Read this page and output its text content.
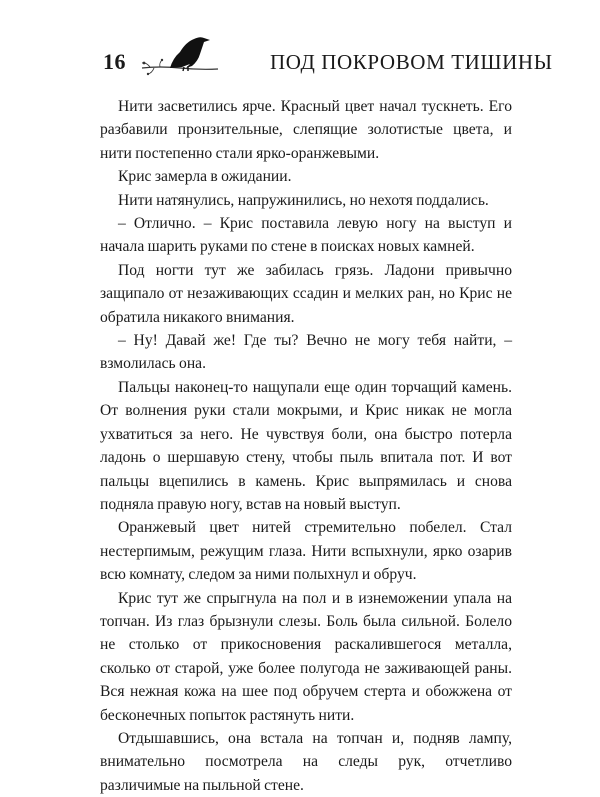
16	ПОД ПОКРОВОМ ТИШИНЫ

Нити засветились ярче. Красный цвет начал тускнеть. Его разбавили пронзительные, слепящие золотистые цвета, и нити постепенно стали ярко-оранжевыми.

Крис замерла в ожидании.

Нити натянулись, напружинились, но нехотя поддались.

– Отлично. – Крис поставила левую ногу на выступ и начала шарить руками по стене в поисках новых камней.

Под ногти тут же забилась грязь. Ладони привычно защипало от незаживающих ссадин и мелких ран, но Крис не обратила никакого внимания.

– Ну! Давай же! Где ты? Вечно не могу тебя найти, – взмолилась она.

Пальцы наконец-то нащупали еще один торчащий камень. От волнения руки стали мокрыми, и Крис никак не могла ухватиться за него. Не чувствуя боли, она быстро потерла ладонь о шершавую стену, чтобы пыль впитала пот. И вот пальцы вцепились в камень. Крис выпрямилась и снова подняла правую ногу, встав на новый выступ.

Оранжевый цвет нитей стремительно побелел. Стал нестерпимым, режущим глаза. Нити вспыхнули, ярко озарив всю комнату, следом за ними полыхнул и обруч.

Крис тут же спрыгнула на пол и в изнеможении упала на топчан. Из глаз брызнули слезы. Боль была сильной. Болело не столько от прикосновения раскалившегося металла, сколько от старой, уже более полугода не заживающей раны. Вся нежная кожа на шее под обручем стерта и обожжена от бесконечных попыток растянуть нити.

Отдышавшись, она встала на топчан и, подняв лампу, внимательно посмотрела на следы рук, отчетливо различимые на пыльной стене.
